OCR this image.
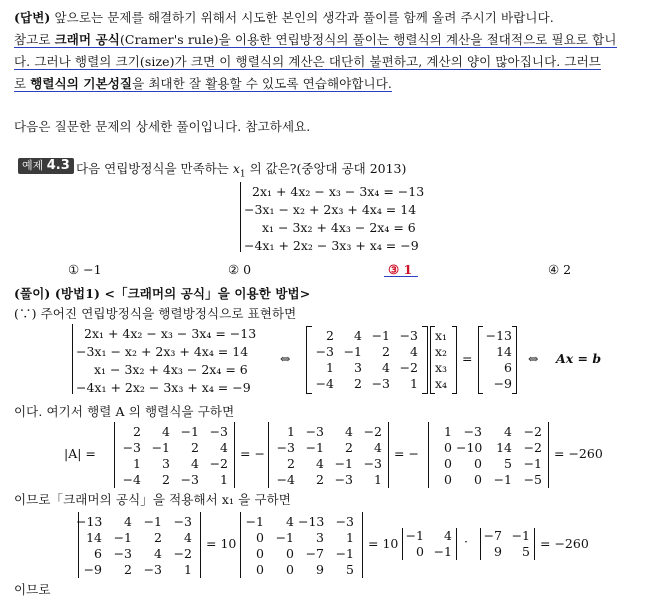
(답변) 앞으로는 문제를 해결하기 위해서 시도한 본인의 생각과 풀이를 함께 올려 주시기 바랍니다.
참고로 크래머 공식(Cramer's rule)을 이용한 연립방정식의 풀이는 행렬식의 계산을 절대적으로 필요로 합니
다. 그러나 행렬의 크기(size)가 크면 이 행렬식의 계산은 대단히 불편하고, 계산의 양이 많아집니다. 그러므
로 행렬식의 기본성질을 최대한 잘 활용할 수 있도록 연습해야합니다.
다음은 질문한 문제의 상세한 풀이입니다. 참고하세요.
예제 4.3 다음 연립방정식을 만족하는 $x_1$ 의 값은?(중앙대 공대 2013)
2x₁ + 4x₂ − x₃ − 3x₄ = −13
−3x₁ − x₂ + 2x₃ + 4x₄ = 14
x₁ − 3x₂ + 4x₃ − 2x₄ = 6
−4x₁ + 2x₂ − 3x₃ + x₄ = −9
① −1	② 0	③ 1	④ 2
(풀이) (방법1) <「크래머의 공식」을 이용한 방법>
(∵) 주어진 연립방정식을 행렬방정식으로 표현하면
2x₁ + 4x₂ − x₃ − 3x₄ = −13
−3x₁ − x₂ + 2x₃ + 4x₄ = 14
x₁ − 3x₂ + 4x₃ − 2x₄ = 6
−4x₁ + 2x₂ − 3x₃ + x₄ = −9
⇔
2	4 −1 −3
−3 −1	2	4
1	3	4 −2
−4	2 −3	1
x₁
x₂
x₃
x₄
=
−13
14
6
−9
⇔ Ax = b
이다. 여기서 행렬 A 의 행렬식을 구하면
|A| =
2	4 −1 −3
−3 −1	2	4
1	3	4 −2
−4	2 −3	1
= −
1 −3	4 −2
−3 −1	2	4
2	4 −1 −3
−4	2 −3	1
= −
1 −3	4 −2
0 −10	14 −2
0	0	5 −1
0	0 −1 −5
= −260
이므로「크래머의 공식」을 적용해서 x₁ 을 구하면
−13	4 −1 −3
14 −1	2	4
6 −3	4 −2
−9	2 −3	1
= 10
−1	4 −13 −3
0 −1	3	1
0	0 −7 −1
0	0	9	5
= 10
−1	4
0 −1
·	−7 −1
9	5
= −260
이므로
